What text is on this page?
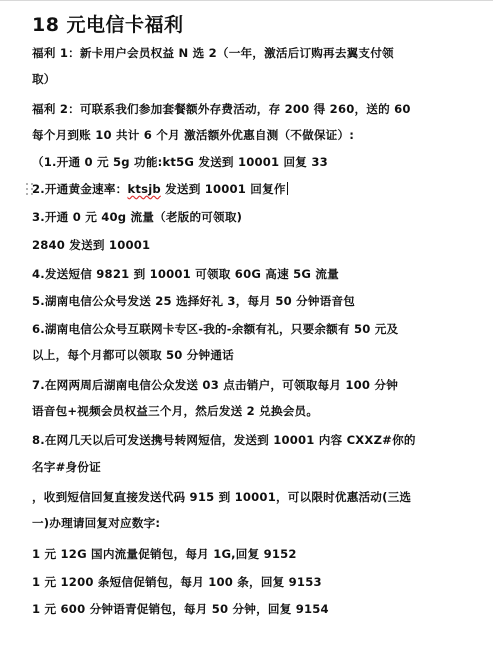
18 元电信卡福利
福利 1：新卡用户会员权益 N 选 2（一年，激活后订购再去翼支付领
取）
福利 2：可联系我们参加套餐额外存费活动，存 200 得 260，送的 60
每个月到账 10 共计 6 个月 激活额外优惠自测（不做保证）:
（1.开通 0 元 5g 功能:kt5G 发送到 10001 回复 33
2.开通黄金速率：ktsjb 发送到 10001 回复作
3.开通 0 元 40g 流量（老版的可领取)
2840 发送到 10001
4.发送短信 9821 到 10001 可领取 60G 高速 5G 流量
5.湖南电信公众号发送 25 选择好礼 3，每月 50 分钟语音包
6.湖南电信公众号互联网卡专区-我的-余额有礼，只要余额有 50 元及
以上，每个月都可以领取 50 分钟通话
7.在网两周后湖南电信公众发送 03 点击销户，可领取每月 100 分钟
语音包+视频会员权益三个月，然后发送 2 兑换会员。
8.在网几天以后可发送携号转网短信，发送到 10001 内容 CXXZ#你的
名字#身份证
，收到短信回复直接发送代码 915 到 10001，可以限时优惠活动(三选
一)办理请回复对应数字:
1 元 12G 国内流量促销包，每月 1G,回复 9152
1 元 1200 条短信促销包，每月 100 条，回复 9153
1 元 600 分钟语青促销包，每月 50 分钟，回复 9154
